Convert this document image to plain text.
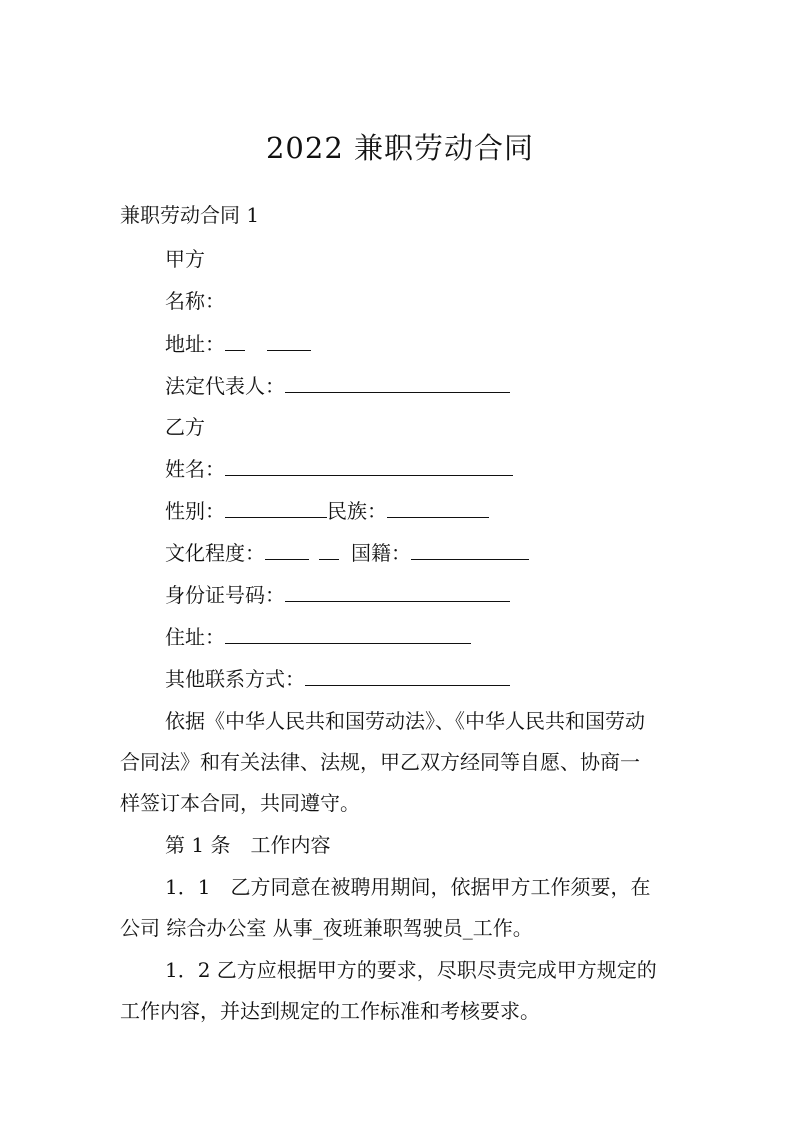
2022 兼职劳动合同
兼职劳动合同 1
甲方
名称：
地址：
法定代表人：
乙方
姓名：
性别：	民族：
文化程度：	国籍：
身份证号码：
住址：
其他联系方式：
依据《中华人民共和国劳动法》、《中华人民共和国劳动
合同法》和有关法律、法规，甲乙双方经同等自愿、协商一
样签订本合同，共同遵守。
第 1 条　工作内容
1．1　乙方同意在被聘用期间，依据甲方工作须要，在
公司 综合办公室 从事_夜班兼职驾驶员_工作。
1．2 乙方应根据甲方的要求，尽职尽责完成甲方规定的
工作内容，并达到规定的工作标准和考核要求。
